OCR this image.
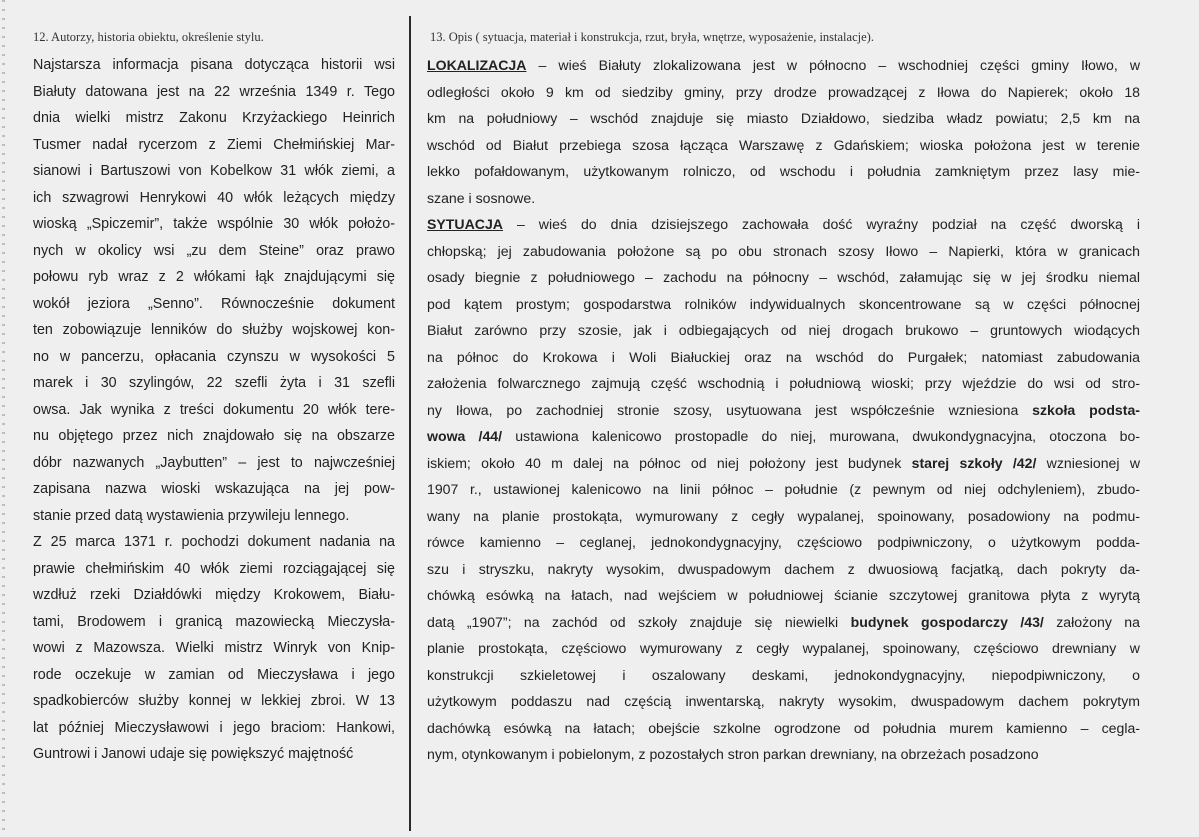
12. Autorzy, historia obiektu, określenie stylu.	13. Opis ( sytuacja, materiał i konstrukcja, rzut, bryła, wnętrze, wyposażenie, instalacje).
Najstarsza informacja pisana dotycząca historii wsi
Białuty datowana jest na 22 września 1349 r. Tego
dnia wielki mistrz Zakonu Krzyżackiego Heinrich
Tusmer nadał rycerzom z Ziemi Chełmińskiej Mar-
sianowi i Bartuszowi von Kobelkow 31 włók ziemi, a
ich szwagrowi Henrykowi 40 włók leżących między
wioską „Spiczemir”, także wspólnie 30 włók położo-
nych w okolicy wsi „zu dem Steine” oraz prawo
połowu ryb wraz z 2 włókami łąk znajdującymi się
wokół jeziora „Senno”. Równocześnie dokument
ten zobowiązuje lenników do służby wojskowej kon-
no w pancerzu, opłacania czynszu w wysokości 5
marek i 30 szylingów, 22 szefli żyta i 31 szefli
owsa. Jak wynika z treści dokumentu 20 włók tere-
nu objętego przez nich znajdowało się na obszarze
dóbr nazwanych „Jaybutten” – jest to najwcześniej
zapisana nazwa wioski wskazująca na jej pow-
stanie przed datą wystawienia przywileju lennego.
Z 25 marca 1371 r. pochodzi dokument nadania na
prawie chełmińskim 40 włók ziemi rozciągającej się
wzdłuż rzeki Działdówki między Krokowem, Biału-
tami, Brodowem i granicą mazowiecką Mieczysła-
wowi z Mazowsza. Wielki mistrz Winryk von Knip-
rode oczekuje w zamian od Mieczysława i jego
spadkobierców służby konnej w lekkiej zbroi. W 13
lat później Mieczysławowi i jego braciom: Hankowi,
Guntrowi i Janowi udaje się powiększyć majętność
LOKALIZACJA – wieś Białuty zlokalizowana jest w północno – wschodniej części gminy Iłowo, w
odległości około 9 km od siedziby gminy, przy drodze prowadzącej z Iłowa do Napierek; około 18
km na południowy – wschód znajduje się miasto Działdowo, siedziba władz powiatu; 2,5 km na
wschód od Białut przebiega szosa łącząca Warszawę z Gdańskiem; wioska położona jest w terenie
lekko pofałdowanym, użytkowanym rolniczo, od wschodu i południa zamkniętym przez lasy mie-
szane i sosnowe.
SYTUACJA – wieś do dnia dzisiejszego zachowała dość wyraźny podział na część dworską i
chłopską; jej zabudowania położone są po obu stronach szosy Iłowo – Napierki, która w granicach
osady biegnie z południowego – zachodu na północny – wschód, załamując się w jej środku niemal
pod kątem prostym; gospodarstwa rolników indywidualnych skoncentrowane są w części północnej
Białut zarówno przy szosie, jak i odbiegających od niej drogach brukowo – gruntowych wiodących
na północ do Krokowa i Woli Białuckiej oraz na wschód do Purgałek; natomiast zabudowania
założenia folwarcznego zajmują część wschodnią i południową wioski; przy wjeździe do wsi od stro-
ny Iłowa, po zachodniej stronie szosy, usytuowana jest współcześnie wzniesiona szkoła podsta-
wowa /44/ ustawiona kalenicowo prostopadle do niej, murowana, dwukondygnacyjna, otoczona bo-
iskiem; około 40 m dalej na północ od niej położony jest budynek starej szkoły /42/ wzniesionej w
1907 r., ustawionej kalenicowo na linii północ – południe (z pewnym od niej odchyleniem), zbudo-
wany na planie prostokąta, wymurowany z cegły wypalanej, spoinowany, posadowiony na podmu-
rówce kamienno – ceglanej, jednokondygnacyjny, częściowo podpiwniczony, o użytkowym podda-
szu i stryszku, nakryty wysokim, dwuspadowym dachem z dwuosiową facjatką, dach pokryty da-
chówką esówką na łatach, nad wejściem w południowej ścianie szczytowej granitowa płyta z wyrytą
datą „1907”; na zachód od szkoły znajduje się niewielki budynek gospodarczy /43/ założony na
planie prostokąta, częściowo wymurowany z cegły wypalanej, spoinowany, częściowo drewniany w
konstrukcji szkieletowej i oszalowany deskami, jednokondygnacyjny, niepodpiwniczony, o
użytkowym poddaszu nad częścią inwentarską, nakryty wysokim, dwuspadowym dachem pokrytym
dachówką esówką na łatach; obejście szkolne ogrodzone od południa murem kamienno – cegla-
nym, otynkowanym i pobielonym, z pozostałych stron parkan drewniany, na obrzeżach posadzono
